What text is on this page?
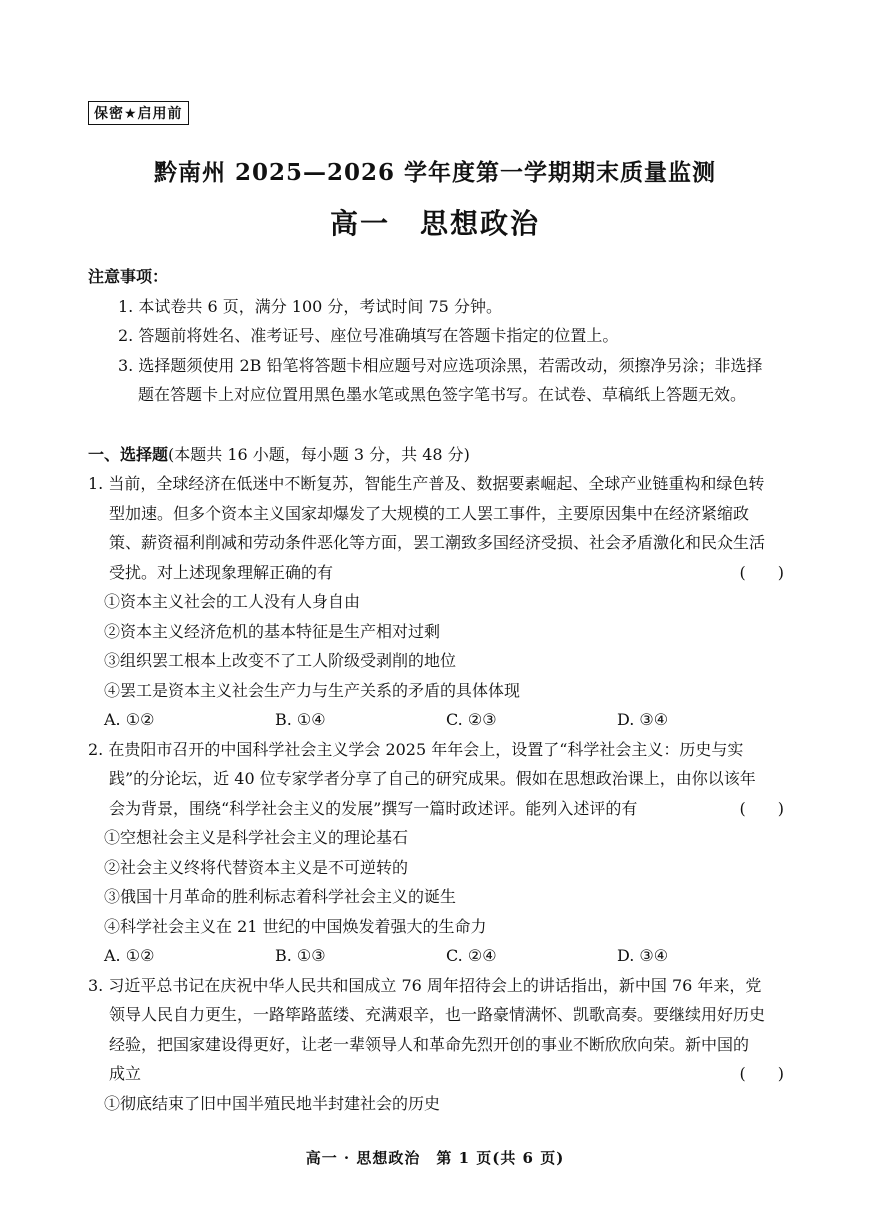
保密★启用前
黔南州 2025—2026 学年度第一学期期末质量监测
高一　思想政治
注意事项：
1. 本试卷共 6 页，满分 100 分，考试时间 75 分钟。
2. 答题前将姓名、准考证号、座位号准确填写在答题卡指定的位置上。
3. 选择题须使用 2B 铅笔将答题卡相应题号对应选项涂黑，若需改动，须擦净另涂；非选择
题在答题卡上对应位置用黑色墨水笔或黑色签字笔书写。在试卷、草稿纸上答题无效。
一、选择题(本题共 16 小题，每小题 3 分，共 48 分)
1. 当前，全球经济在低迷中不断复苏，智能生产普及、数据要素崛起、全球产业链重构和绿色转
型加速。但多个资本主义国家却爆发了大规模的工人罢工事件，主要原因集中在经济紧缩政
策、薪资福利削减和劳动条件恶化等方面，罢工潮致多国经济受损、社会矛盾激化和民众生活
受扰。对上述现象理解正确的有	(　　)
①资本主义社会的工人没有人身自由
②资本主义经济危机的基本特征是生产相对过剩
③组织罢工根本上改变不了工人阶级受剥削的地位
④罢工是资本主义社会生产力与生产关系的矛盾的具体体现
A. ①②	B. ①④	C. ②③	D. ③④
2. 在贵阳市召开的中国科学社会主义学会 2025 年年会上，设置了“科学社会主义：历史与实
践”的分论坛，近 40 位专家学者分享了自己的研究成果。假如在思想政治课上，由你以该年
会为背景，围绕“科学社会主义的发展”撰写一篇时政述评。能列入述评的有	(　　)
①空想社会主义是科学社会主义的理论基石
②社会主义终将代替资本主义是不可逆转的
③俄国十月革命的胜利标志着科学社会主义的诞生
④科学社会主义在 21 世纪的中国焕发着强大的生命力
A. ①②	B. ①③	C. ②④	D. ③④
3. 习近平总书记在庆祝中华人民共和国成立 76 周年招待会上的讲话指出，新中国 76 年来，党
领导人民自力更生，一路筚路蓝缕、充满艰辛，也一路豪情满怀、凯歌高奏。要继续用好历史
经验，把国家建设得更好，让老一辈领导人和革命先烈开创的事业不断欣欣向荣。新中国的
成立	(　　)
①彻底结束了旧中国半殖民地半封建社会的历史
高一 · 思想政治　第 1 页(共 6 页)
